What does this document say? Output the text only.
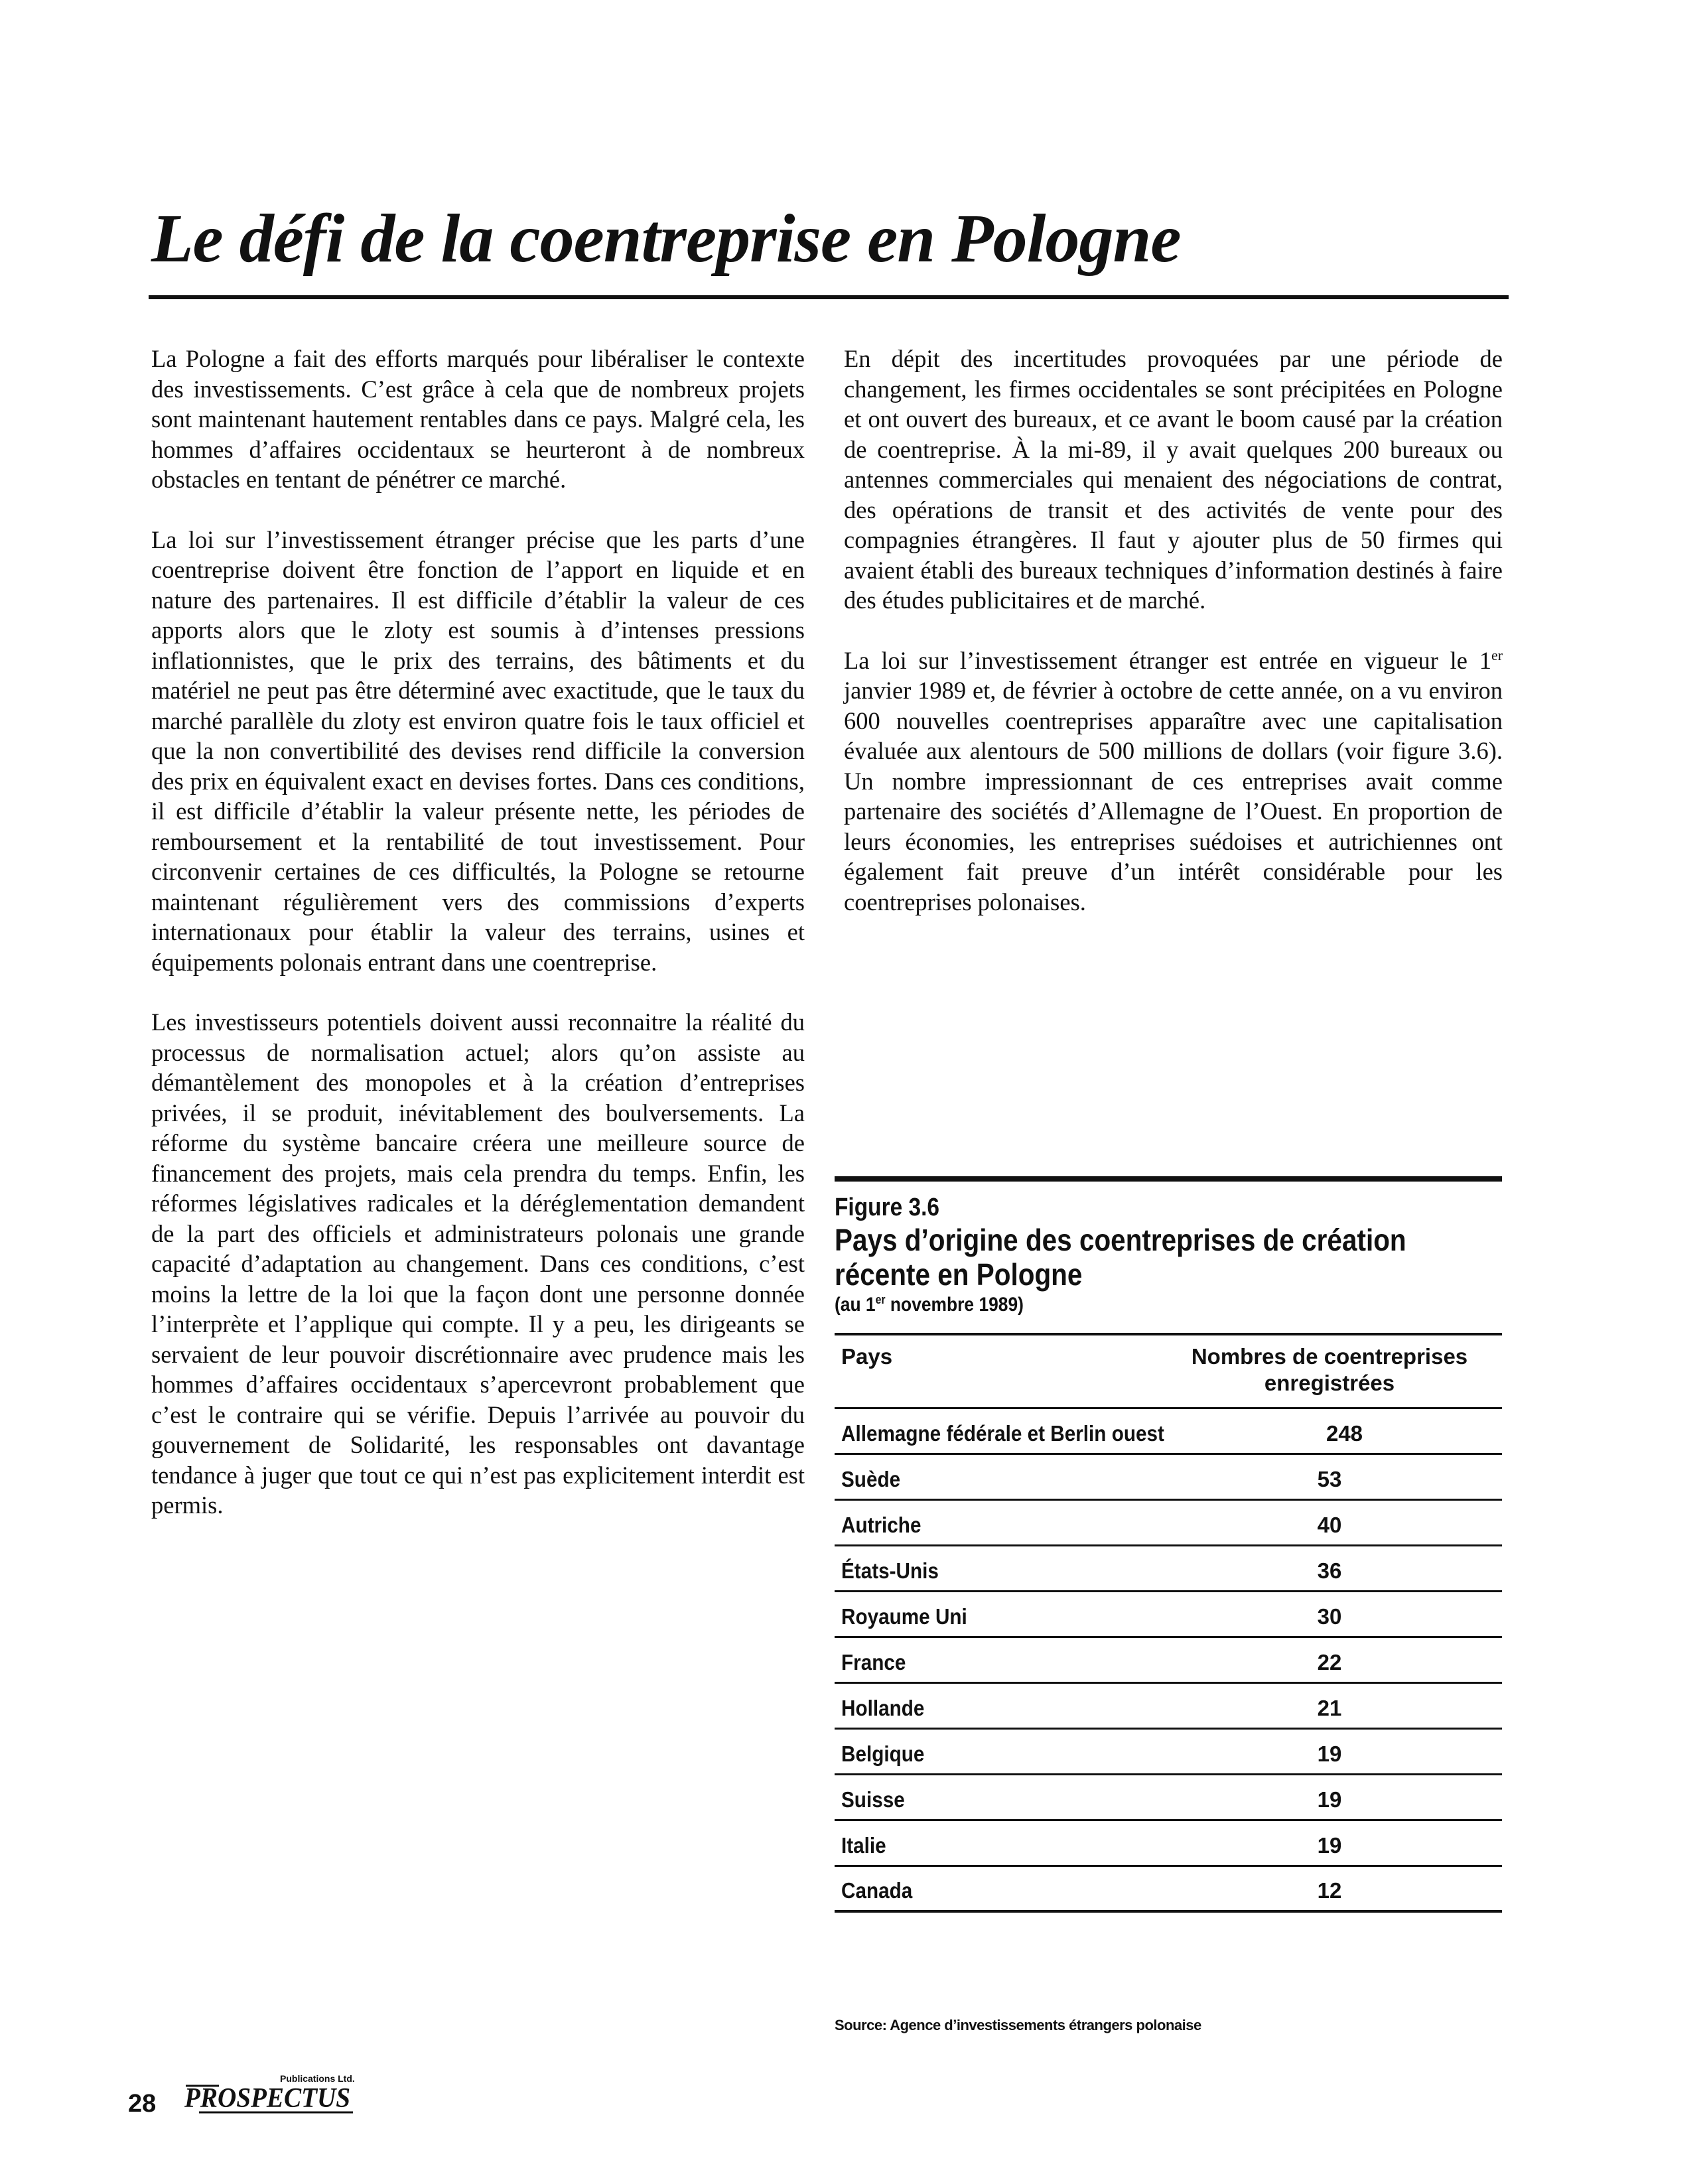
Le défi de la coentreprise en Pologne

La Pologne a fait des efforts marqués pour libéraliser le contexte des investissements. C’est grâce à cela que de nombreux projets sont maintenant hautement rentables dans ce pays. Malgré cela, les hommes d’affaires occidentaux se heurteront à de nombreux obstacles en tentant de pénétrer ce marché.

La loi sur l’investissement étranger précise que les parts d’une coentreprise doivent être fonction de l’apport en liquide et en nature des partenaires. Il est difficile d’établir la valeur de ces apports alors que le zloty est soumis à d’intenses pressions inflationnistes, que le prix des terrains, des bâtiments et du matériel ne peut pas être déterminé avec exactitude, que le taux du marché parallèle du zloty est environ quatre fois le taux officiel et que la non convertibilité des devises rend difficile la conversion des prix en équivalent exact en devises fortes. Dans ces conditions, il est difficile d’établir la valeur présente nette, les périodes de remboursement et la rentabilité de tout investissement. Pour circonvenir certaines de ces difficultés, la Pologne se retourne maintenant régulièrement vers des commissions d’experts internationaux pour établir la valeur des terrains, usines et équipements polonais entrant dans une coentreprise.

Les investisseurs potentiels doivent aussi reconnaitre la réalité du processus de normalisation actuel; alors qu’on assiste au démantèlement des monopoles et à la création d’entreprises privées, il se produit, inévitablement des boulversements. La réforme du système bancaire créera une meilleure source de financement des projets, mais cela prendra du temps. Enfin, les réformes législatives radicales et la déréglementation demandent de la part des officiels et administrateurs polonais une grande capacité d’adaptation au changement. Dans ces conditions, c’est moins la lettre de la loi que la façon dont une personne donnée l’interprète et l’applique qui compte. Il y a peu, les dirigeants se servaient de leur pouvoir discrétionnaire avec prudence mais les hommes d’affaires occidentaux s’apercevront probablement que c’est le contraire qui se vérifie. Depuis l’arrivée au pouvoir du gouvernement de Solidarité, les responsables ont davantage tendance à juger que tout ce qui n’est pas explicitement interdit est permis.

En dépit des incertitudes provoquées par une période de changement, les firmes occidentales se sont précipitées en Pologne et ont ouvert des bureaux, et ce avant le boom causé par la création de coentreprise. À la mi-89, il y avait quelques 200 bureaux ou antennes commerciales qui menaient des négociations de contrat, des opérations de transit et des activités de vente pour des compagnies étrangères. Il faut y ajouter plus de 50 firmes qui avaient établi des bureaux techniques d’information destinés à faire des études publicitaires et de marché.

La loi sur l’investissement étranger est entrée en vigueur le 1er janvier 1989 et, de février à octobre de cette année, on a vu environ 600 nouvelles coentreprises apparaître avec une capitalisation évaluée aux alentours de 500 millions de dollars (voir figure 3.6). Un nombre impressionnant de ces entreprises avait comme partenaire des sociétés d’Allemagne de l’Ouest. En proportion de leurs économies, les entreprises suédoises et autrichiennes ont également fait preuve d’un intérêt considérable pour les coentreprises polonaises.

Figure 3.6
Pays d’origine des coentreprises de création récente en Pologne
(au 1er novembre 1989)
Pays	Nombres de coentreprises enregistrées
Allemagne fédérale et Berlin ouest	248
Suède	53
Autriche	40
États-Unis	36
Royaume Uni	30
France	22
Hollande	21
Belgique	19
Suisse	19
Italie	19
Canada	12
Source: Agence d’investissements étrangers polonaise
28
Publications Ltd.
PROSPECTUS
